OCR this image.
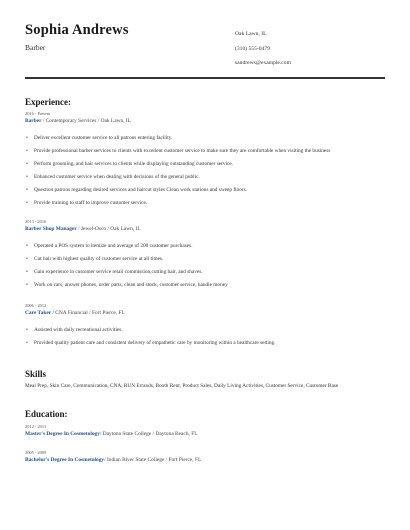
Sophia Andrews
Barber
Oak Lawn, IL
(310) 555-0479
sandrews@example.com
Experience:
2016 - Present
Barber / Contemporary Services / Oak Lawn, IL
• Deliver excellent customer service to all patrons entering facility.
• Provide professional barber services to clients with excellent customer service to make sure they are comfortable when visiting the business
• Perform grooming, and hair services to clients while displaying outstanding customer service.
• Enhanced customer service when dealing with decisions of the general public.
• Question patrons regarding desired services and haircut styles Clean work stations and sweep floors.
• Provide training to staff to improve customer service.
2013 - 2016
Barber Shop Manager / Jewel-Osco / Oak Lawn, IL
• Operated a POS system to itemize and average of 200 customer purchases.
• Cut hair with highest quality of customer service at all times.
• Gain experience in customer service retail commission,cutting hair, and shaves.
• Work on cars, answer phones, order parts, clean and stock, customer service, handle money
2006 - 2012
Care Taker / CNA Financial / Fort Pierce, FL
• Assisted with daily recreational activities.
• Provided quality patient care and consistent delivery of empathetic care by monitoring within a healthcare setting.
Skills
Meal Prep, Skin Care, Communication, CNA, RUN Errands, Booth Rent, Product Sales, Daily Living Activities, Customer Service, Customer Base
Education:
2012 - 2013
Master's Degree In Cosmetology/ Daytona State College / Daytona Beach, FL
2005 - 2009
Bachelor's Degree In Cosmetology/ Indian River State College / Fort Pierce, FL
